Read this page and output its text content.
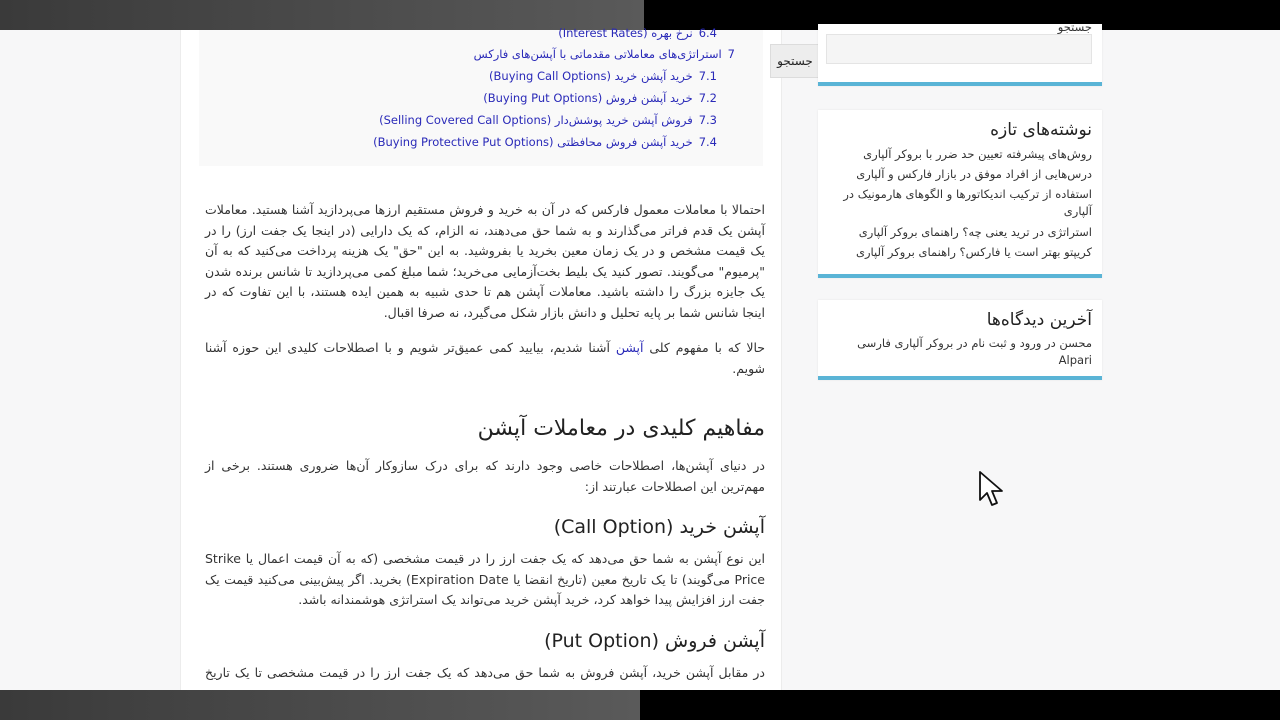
6.4نرخ بهره (Interest Rates)
7استراتژی‌های معاملاتی مقدماتی با آپشن‌های فارکس
7.1خرید آپشن خرید (Buying Call Options)
7.2خرید آپشن فروش (Buying Put Options)
7.3فروش آپشن خرید پوشش‌دار (Selling Covered Call Options)
7.4خرید آپشن فروش محافظتی (Buying Protective Put Options)
احتمالا با معاملات معمول فارکس که در آن به خرید و فروش مستقیم ارزها می‌پردازید آشنا هستید. معاملات آپشن یک قدم فراتر می‌گذارند و به شما حق می‌دهند، نه الزام، که یک دارایی (در اینجا یک جفت ارز) را در یک قیمت مشخص و در یک زمان معین بخرید یا بفروشید. به این "حق" یک هزینه پرداخت می‌کنید که به آن "پرمیوم" می‌گویند. تصور کنید یک بلیط بخت‌آزمایی می‌خرید؛ شما مبلغ کمی می‌پردازید تا شانس برنده شدن یک جایزه بزرگ را داشته باشید. معاملات آپشن هم تا حدی شبیه به همین ایده هستند، با این تفاوت که در اینجا شانس شما بر پایه تحلیل و دانش بازار شکل می‌گیرد، نه صرفا اقبال.
حالا که با مفهوم کلی آپشن آشنا شدیم، بیایید کمی عمیق‌تر شویم و با اصطلاحات کلیدی این حوزه آشنا شویم.
مفاهیم کلیدی در معاملات آپشن
در دنیای آپشن‌ها، اصطلاحات خاصی وجود دارند که برای درک سازوکار آن‌ها ضروری هستند. برخی از مهم‌ترین این اصطلاحات عبارتند از:
آپشن خرید (Call Option)
این نوع آپشن به شما حق می‌دهد که یک جفت ارز را در قیمت مشخصی (که به آن قیمت اعمال یا Strike Price می‌گویند) تا یک تاریخ معین (تاریخ انقضا یا Expiration Date) بخرید. اگر پیش‌بینی می‌کنید قیمت یک جفت ارز افزایش پیدا خواهد کرد، خرید آپشن خرید می‌تواند یک استراتژی هوشمندانه باشد.
آپشن فروش (Put Option)
در مقابل آپشن خرید، آپشن فروش به شما حق می‌دهد که یک جفت ارز را در قیمت مشخصی تا یک تاریخ
جستجو
جستجو
نوشته‌های تازه
روش‌های پیشرفته تعیین حد ضرر با بروکر آلپاری
درس‌هایی از افراد موفق در بازار فارکس و آلپاری
استفاده از ترکیب اندیکاتورها و الگوهای هارمونیک در آلپاری
استراتژی در ترید یعنی چه؟ راهنمای بروکر آلپاری
کریپتو بهتر است یا فارکس؟ راهنمای بروکر آلپاری
آخرین دیدگاه‌ها
محسن در ورود و ثبت نام در بروکر آلپاری فارسی Alpari
